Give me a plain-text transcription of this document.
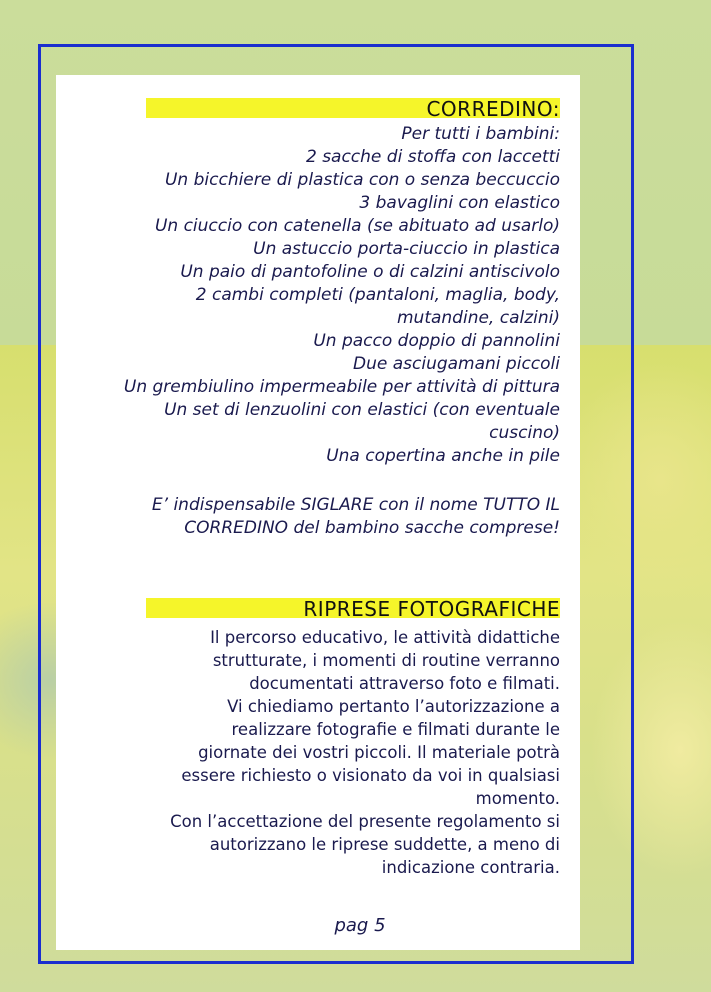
CORREDINO:
Per tutti i bambini:
2 sacche di stoffa con laccetti
Un bicchiere di plastica con o senza beccuccio
3 bavaglini con elastico
Un ciuccio con catenella (se abituato ad usarlo)
Un astuccio porta-ciuccio in plastica
Un paio di pantofoline o di calzini antiscivolo
2 cambi completi (pantaloni, maglia, body,
mutandine, calzini)
Un pacco doppio di pannolini
Due asciugamani piccoli
Un grembiulino impermeabile per attività di pittura
Un set di lenzuolini con elastici (con eventuale
cuscino)
Una copertina anche in pile
E’ indispensabile SIGLARE con il nome TUTTO IL
CORREDINO del bambino sacche comprese!
RIPRESE FOTOGRAFICHE
Il percorso educativo, le attività didattiche
strutturate, i momenti di routine verranno
documentati attraverso foto e filmati.
Vi chiediamo pertanto l’autorizzazione a
realizzare fotografie e filmati durante le
giornate dei vostri piccoli. Il materiale potrà
essere richiesto o visionato da voi in qualsiasi
momento.
Con l’accettazione del presente regolamento si
autorizzano le riprese suddette, a meno di
indicazione contraria.
pag 5
